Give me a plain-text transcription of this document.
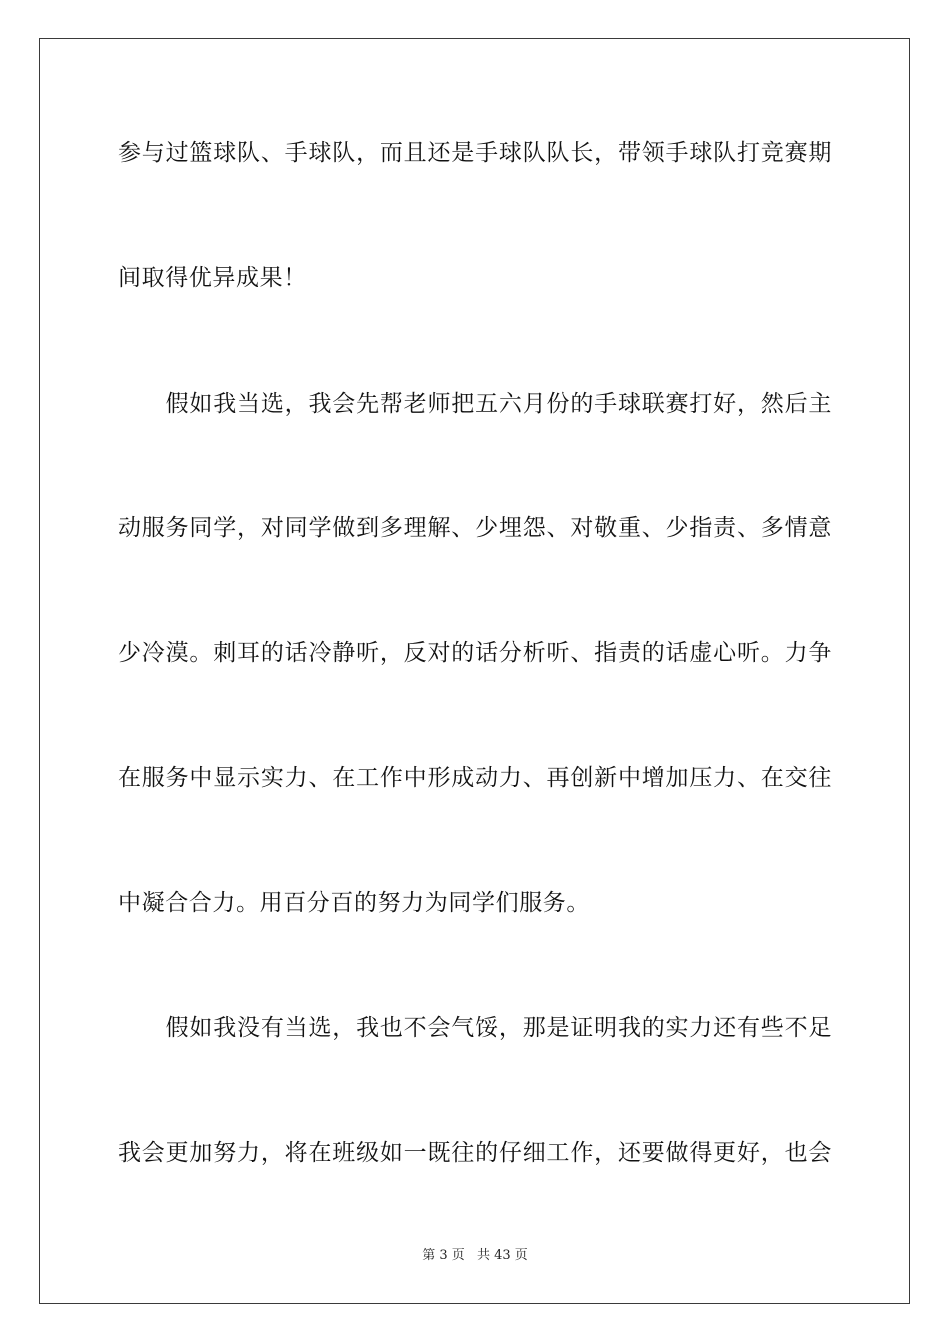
参与过篮球队、手球队，而且还是手球队队长，带领手球队打竞赛期
间取得优异成果！
　　假如我当选，我会先帮老师把五六月份的手球联赛打好，然后主
动服务同学，对同学做到多理解、少埋怨、对敬重、少指责、多情意
少冷漠。刺耳的话冷静听，反对的话分析听、指责的话虚心听。力争
在服务中显示实力、在工作中形成动力、再创新中增加压力、在交往
中凝合合力。用百分百的努力为同学们服务。
　　假如我没有当选，我也不会气馁，那是证明我的实力还有些不足
我会更加努力，将在班级如一既往的仔细工作，还要做得更好，也会
第 3 页 共 43 页
